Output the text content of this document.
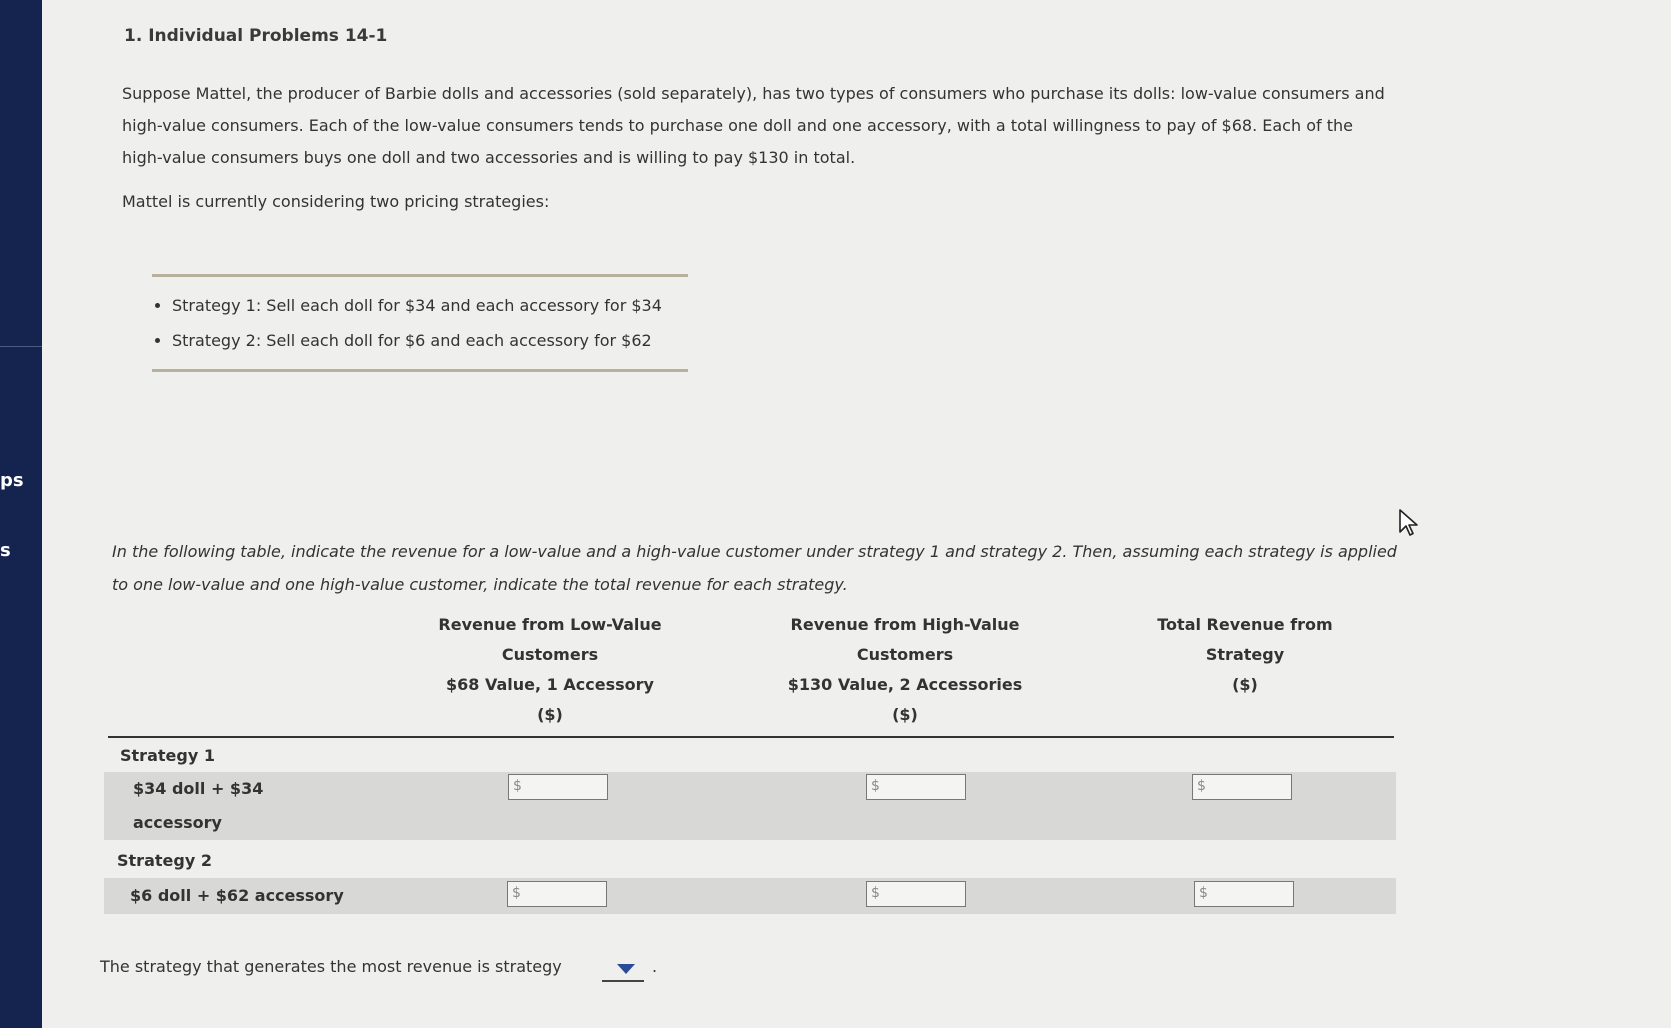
ps
s
1. Individual Problems 14-1
Suppose Mattel, the producer of Barbie dolls and accessories (sold separately), has two types of consumers who purchase its dolls: low-value consumers and high-value consumers. Each of the low-value consumers tends to purchase one doll and one accessory, with a total willingness to pay of $68. Each of the high-value consumers buys one doll and two accessories and is willing to pay $130 in total.
Mattel is currently considering two pricing strategies:
• Strategy 1: Sell each doll for $34 and each accessory for $34
• Strategy 2: Sell each doll for $6 and each accessory for $62
In the following table, indicate the revenue for a low-value and a high-value customer under strategy 1 and strategy 2. Then, assuming each strategy is applied to one low-value and one high-value customer, indicate the total revenue for each strategy.
Revenue from Low-Value
Customers
$68 Value, 1 Accessory
($)
Revenue from High-Value
Customers
$130 Value, 2 Accessories
($)
Total Revenue from
Strategy
($)
Strategy 1
$34 doll + $34
accessory
$	$	$
Strategy 2
$6 doll + $62 accessory	$	$	$
The strategy that generates the most revenue is strategy	.
